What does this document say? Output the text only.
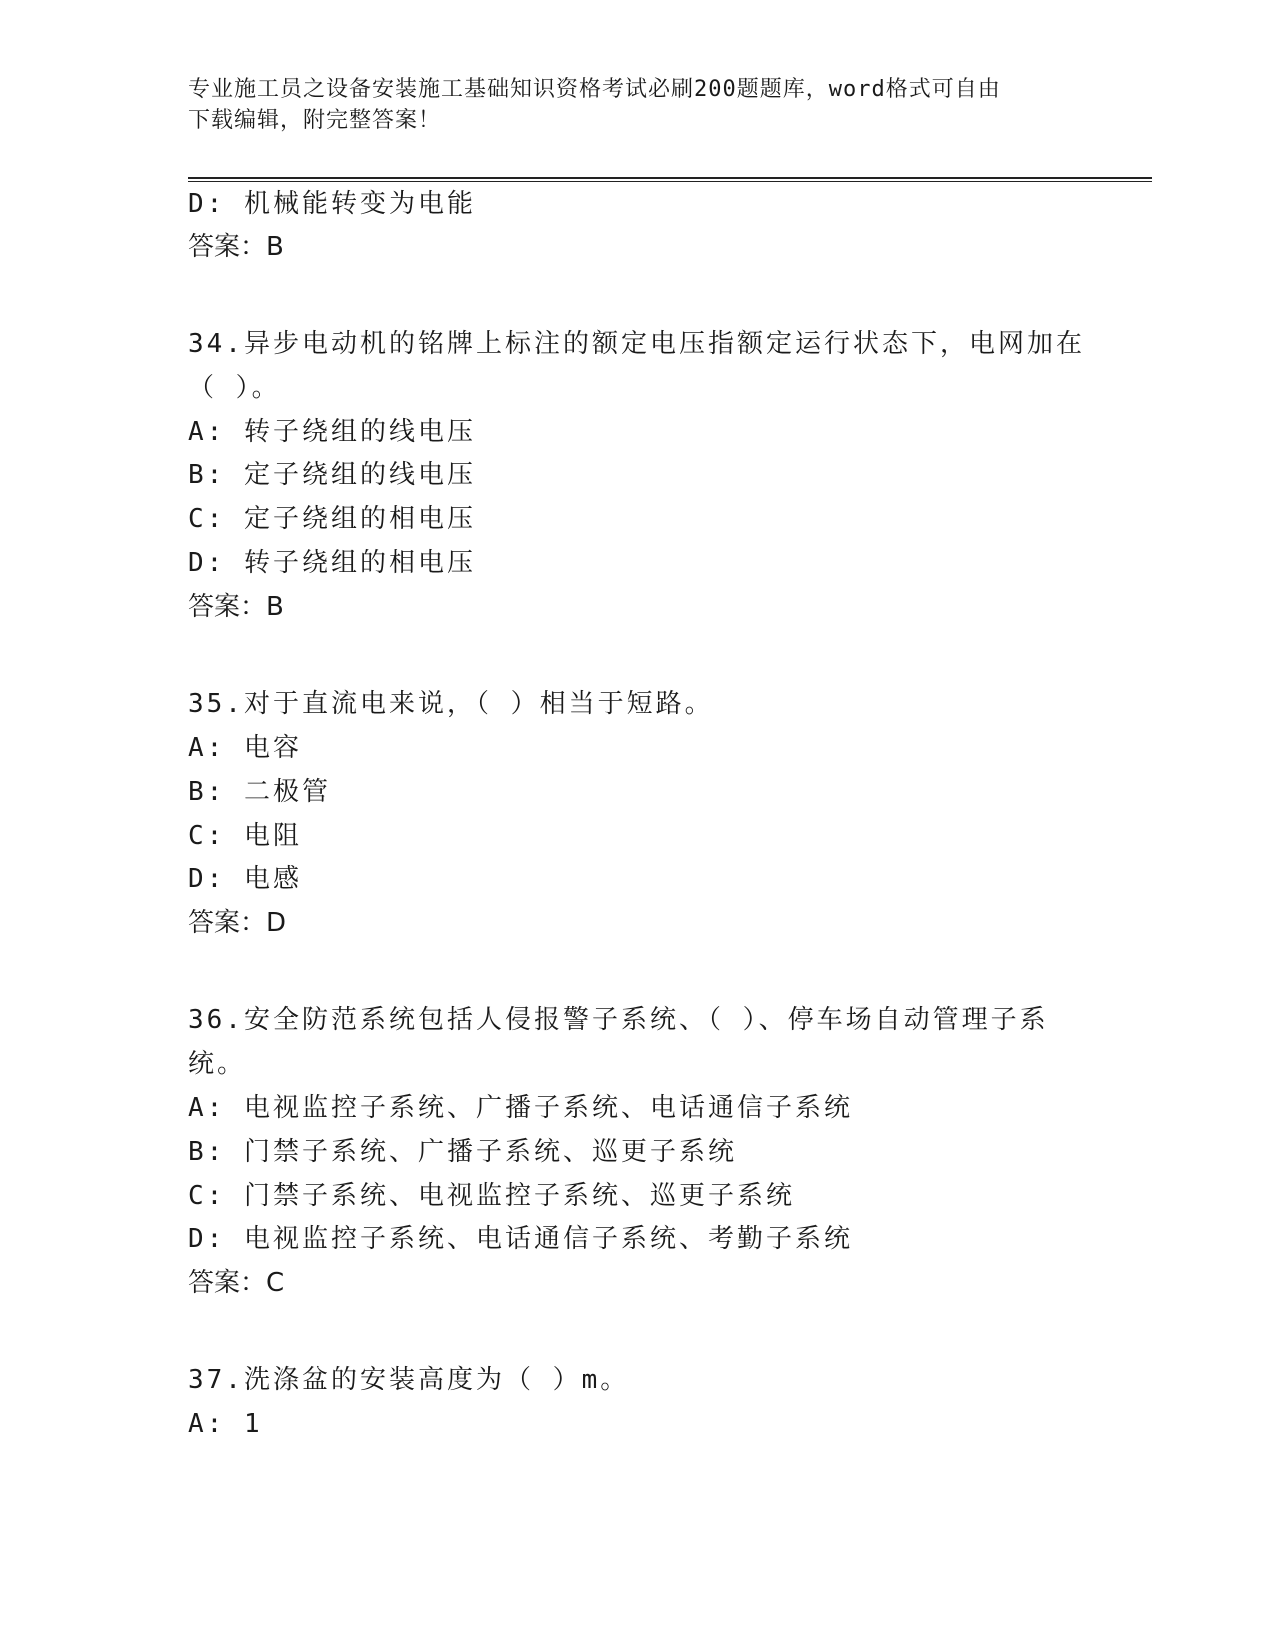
专业施工员之设备安装施工基础知识资格考试必刷200题题库，word格式可自由
下载编辑，附完整答案！
D: 机械能转变为电能
答案：B
34.异步电动机的铭牌上标注的额定电压指额定运行状态下，电网加在
（ ）。
A: 转子绕组的线电压
B: 定子绕组的线电压
C: 定子绕组的相电压
D: 转子绕组的相电压
答案：B
35.对于直流电来说，（ ）相当于短路。
A: 电容
B: 二极管
C: 电阻
D: 电感
答案：D
36.安全防范系统包括人侵报警子系统、（ ）、停车场自动管理子系
统。
A: 电视监控子系统、广播子系统、电话通信子系统
B: 门禁子系统、广播子系统、巡更子系统
C: 门禁子系统、电视监控子系统、巡更子系统
D: 电视监控子系统、电话通信子系统、考勤子系统
答案：C
37.洗涤盆的安装高度为（ ）m。
A: 1
